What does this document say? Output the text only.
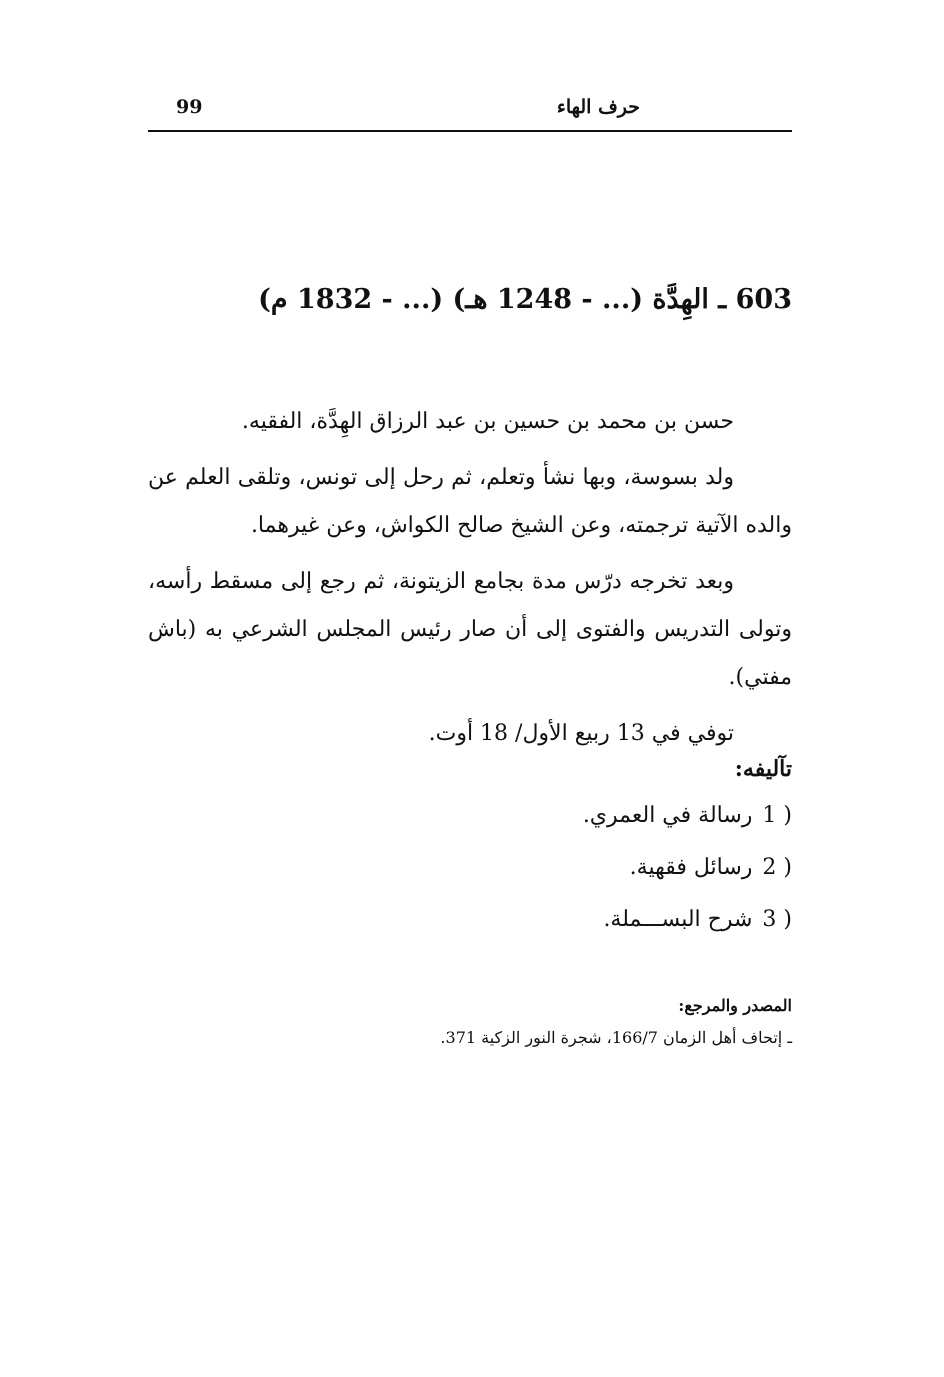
حرف الهاء
99
603 ـ الهِدَّة (... - 1248 هـ) (... - 1832 م)

حسن بن محمد بن حسين بن عبد الرزاق الهِدَّة، الفقيه.

ولد بسوسة، وبها نشأ وتعلم، ثم رحل إلى تونس، وتلقى العلم عن والده الآتية ترجمته، وعن الشيخ صالح الكواش، وعن غيرهما.

وبعد تخرجه درّس مدة بجامع الزيتونة، ثم رجع إلى مسقط رأسه، وتولى التدريس والفتوى إلى أن صار رئيس المجلس الشرعي به (باش مفتي).

توفي في 13 ربيع الأول/ 18 أوت.

تآليفه:
1 )رسالة في العمري.
2 )رسائل فقهية.
3 )شرح البســـملة.
المصدر والمرجع:
ـ إتحاف أهل الزمان 166/7، شجرة النور الزكية 371.
